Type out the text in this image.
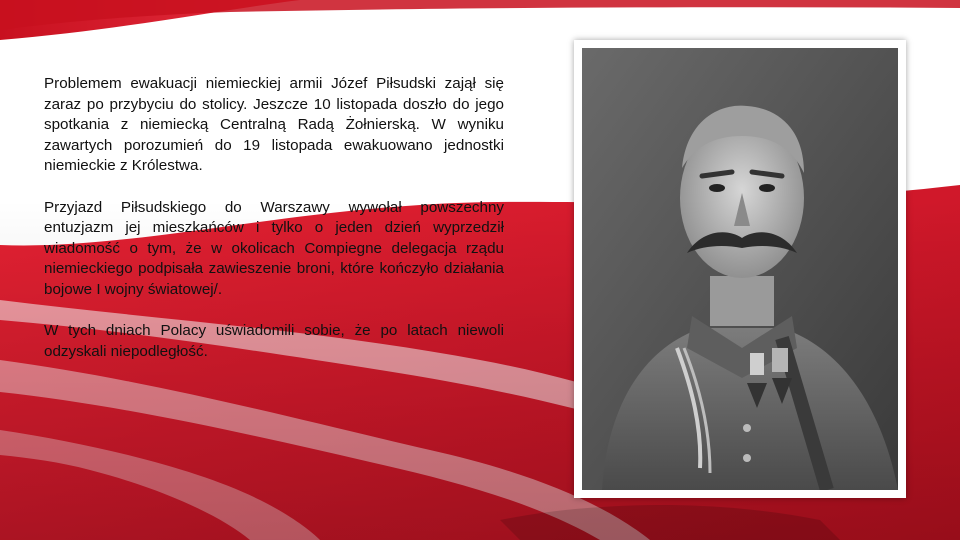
Problemem ewakuacji niemieckiej armii Józef Piłsudski zajął się zaraz po przybyciu do stolicy. Jeszcze 10 listopada doszło do jego spotkania z niemiecką Centralną Radą Żołnierską. W wyniku zawartych porozumień do 19 listopada ewakuowano jednostki niemieckie z Królestwa.

Przyjazd Piłsudskiego do Warszawy wywołał powszechny entuzjazm jej mieszkańców i tylko o jeden dzień wyprzedził wiadomość o tym, że w okolicach Compiegne delegacja rządu niemieckiego podpisała zawieszenie broni, które kończyło działania bojowe I wojny światowej/.

W tych dniach Polacy uświadomili sobie, że po latach niewoli odzyskali niepodległość.
